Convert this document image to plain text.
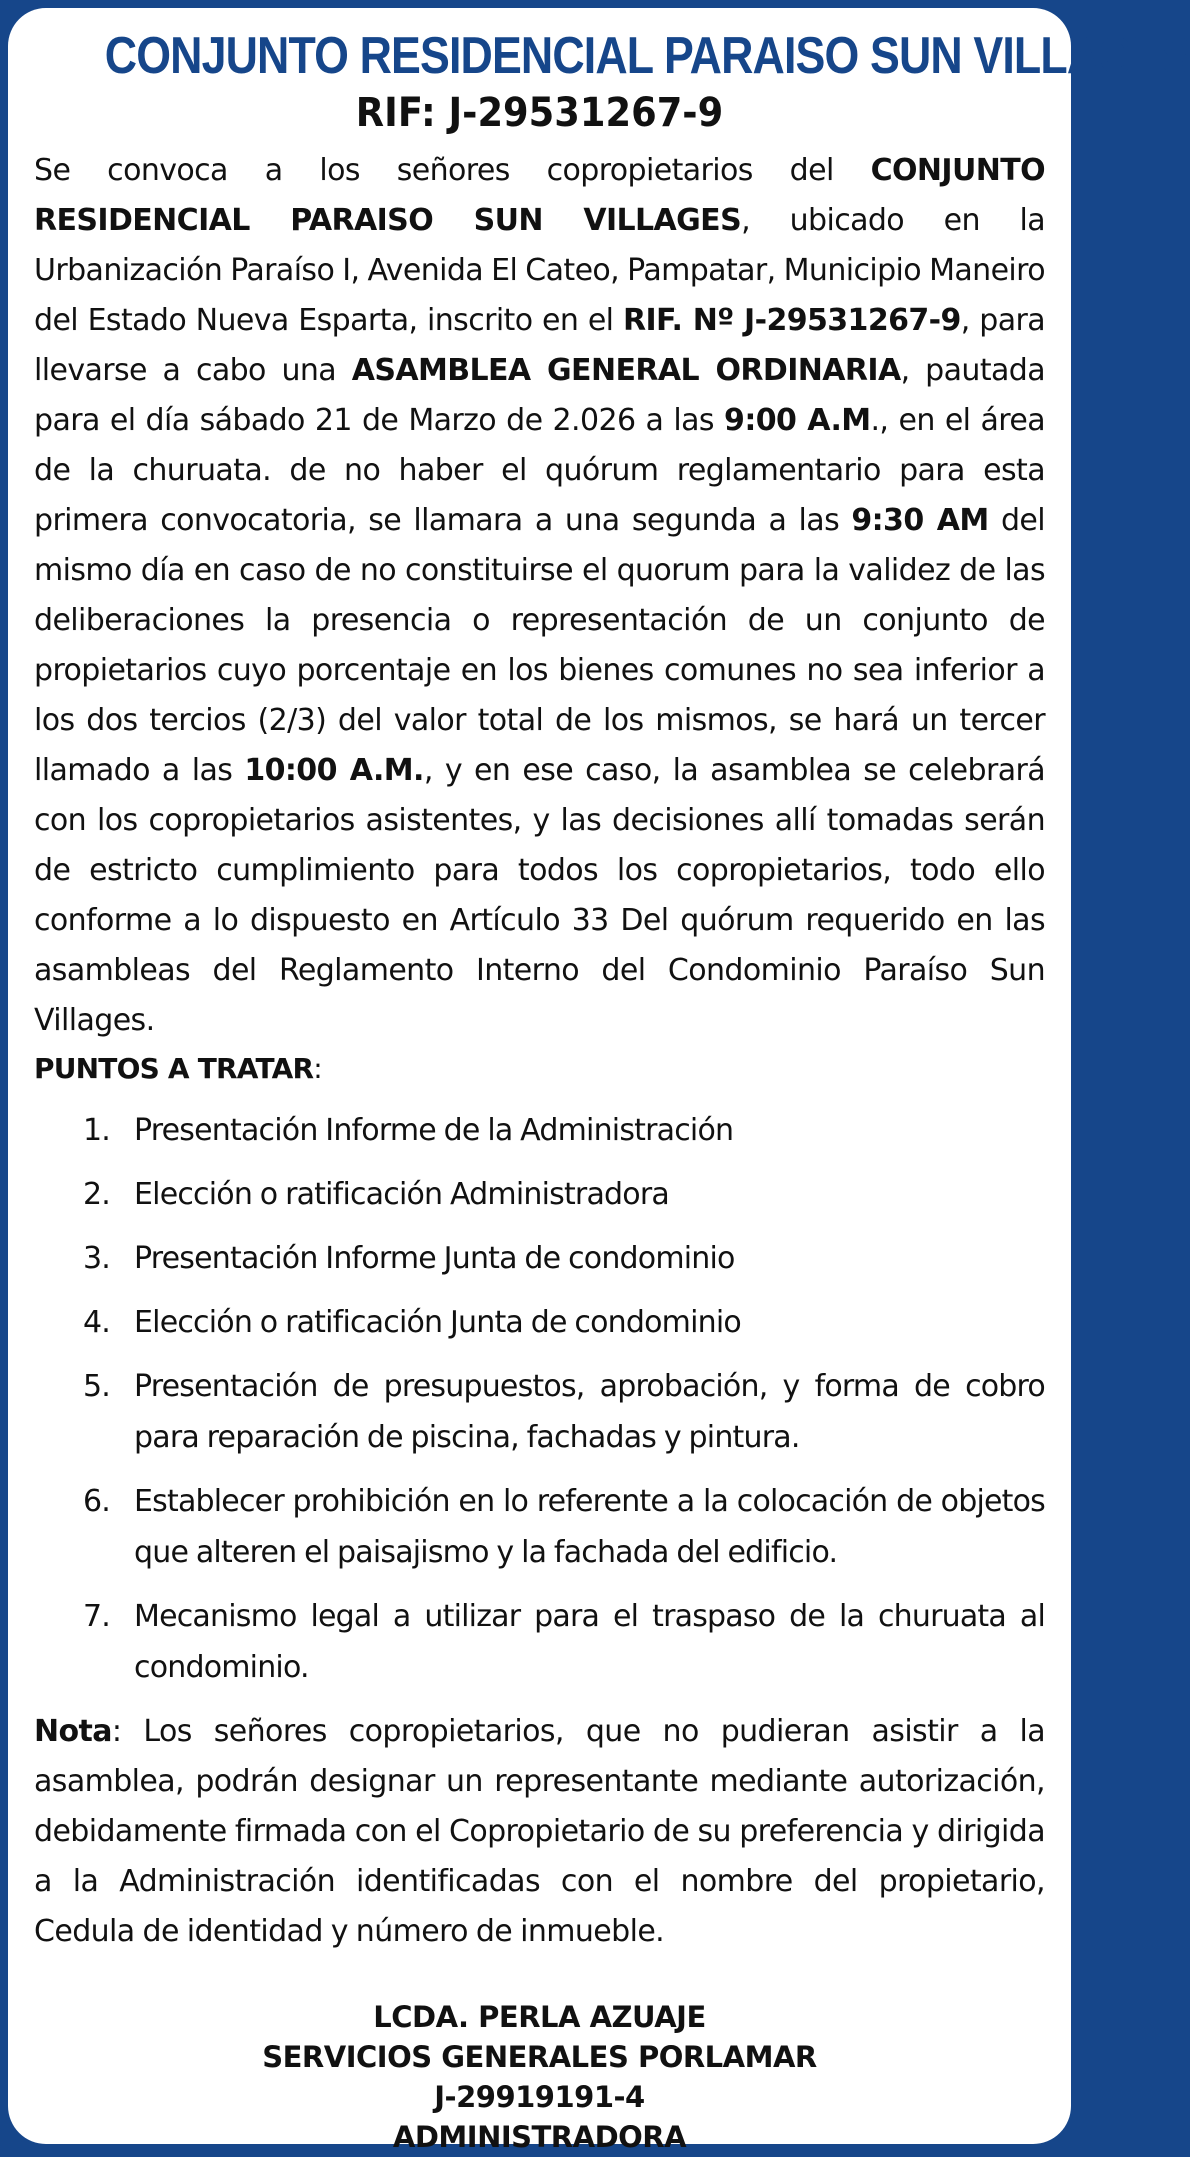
CONJUNTO RESIDENCIAL PARAISO SUN VILLAGES
RIF: J-29531267-9

Se convoca a los señores copropietarios del CONJUNTO RESIDENCIAL PARAISO SUN VILLAGES, ubicado en la Urbanización Paraíso I, Avenida El Cateo, Pampatar, Municipio Maneiro del Estado Nueva Esparta, inscrito en el RIF. Nº J-29531267-9, para llevarse a cabo una ASAMBLEA GENERAL ORDINARIA, pautada para el día sábado 21 de Marzo de 2.026 a las 9:00 A.M., en el área de la churuata. de no haber el quórum reglamentario para esta primera convocatoria, se llamara a una segunda a las 9:30 AM del mismo día en caso de no constituirse el quorum para la validez de las deliberaciones la presencia o representación de un conjunto de propietarios cuyo porcentaje en los bienes comunes no sea inferior a los dos tercios (2/3) del valor total de los mismos, se hará un tercer llamado a las 10:00 A.M., y en ese caso, la asamblea se celebrará con los copropietarios asistentes, y las decisiones allí tomadas serán de estricto cumplimiento para todos los copropietarios, todo ello conforme a lo dispuesto en Artículo 33 Del quórum requerido en las asambleas del Reglamento Interno del Condominio Paraíso Sun Villages.

PUNTOS A TRATAR:

1. Presentación Informe de la Administración
2. Elección o ratificación Administradora
3. Presentación Informe Junta de condominio
4. Elección o ratificación Junta de condominio
5. Presentación de presupuestos, aprobación, y forma de cobro para reparación de piscina, fachadas y pintura.
6. Establecer prohibición en lo referente a la colocación de objetos que alteren el paisajismo y la fachada del edificio.
7. Mecanismo legal a utilizar para el traspaso de la churuata al condominio.

Nota: Los señores copropietarios, que no pudieran asistir a la asamblea, podrán designar un representante mediante autorización, debidamente firmada con el Copropietario de su preferencia y dirigida a la Administración identificadas con el nombre del propietario, Cedula de identidad y número de inmueble.

LCDA. PERLA AZUAJE
SERVICIOS GENERALES PORLAMAR
J-29919191-4
ADMINISTRADORA
